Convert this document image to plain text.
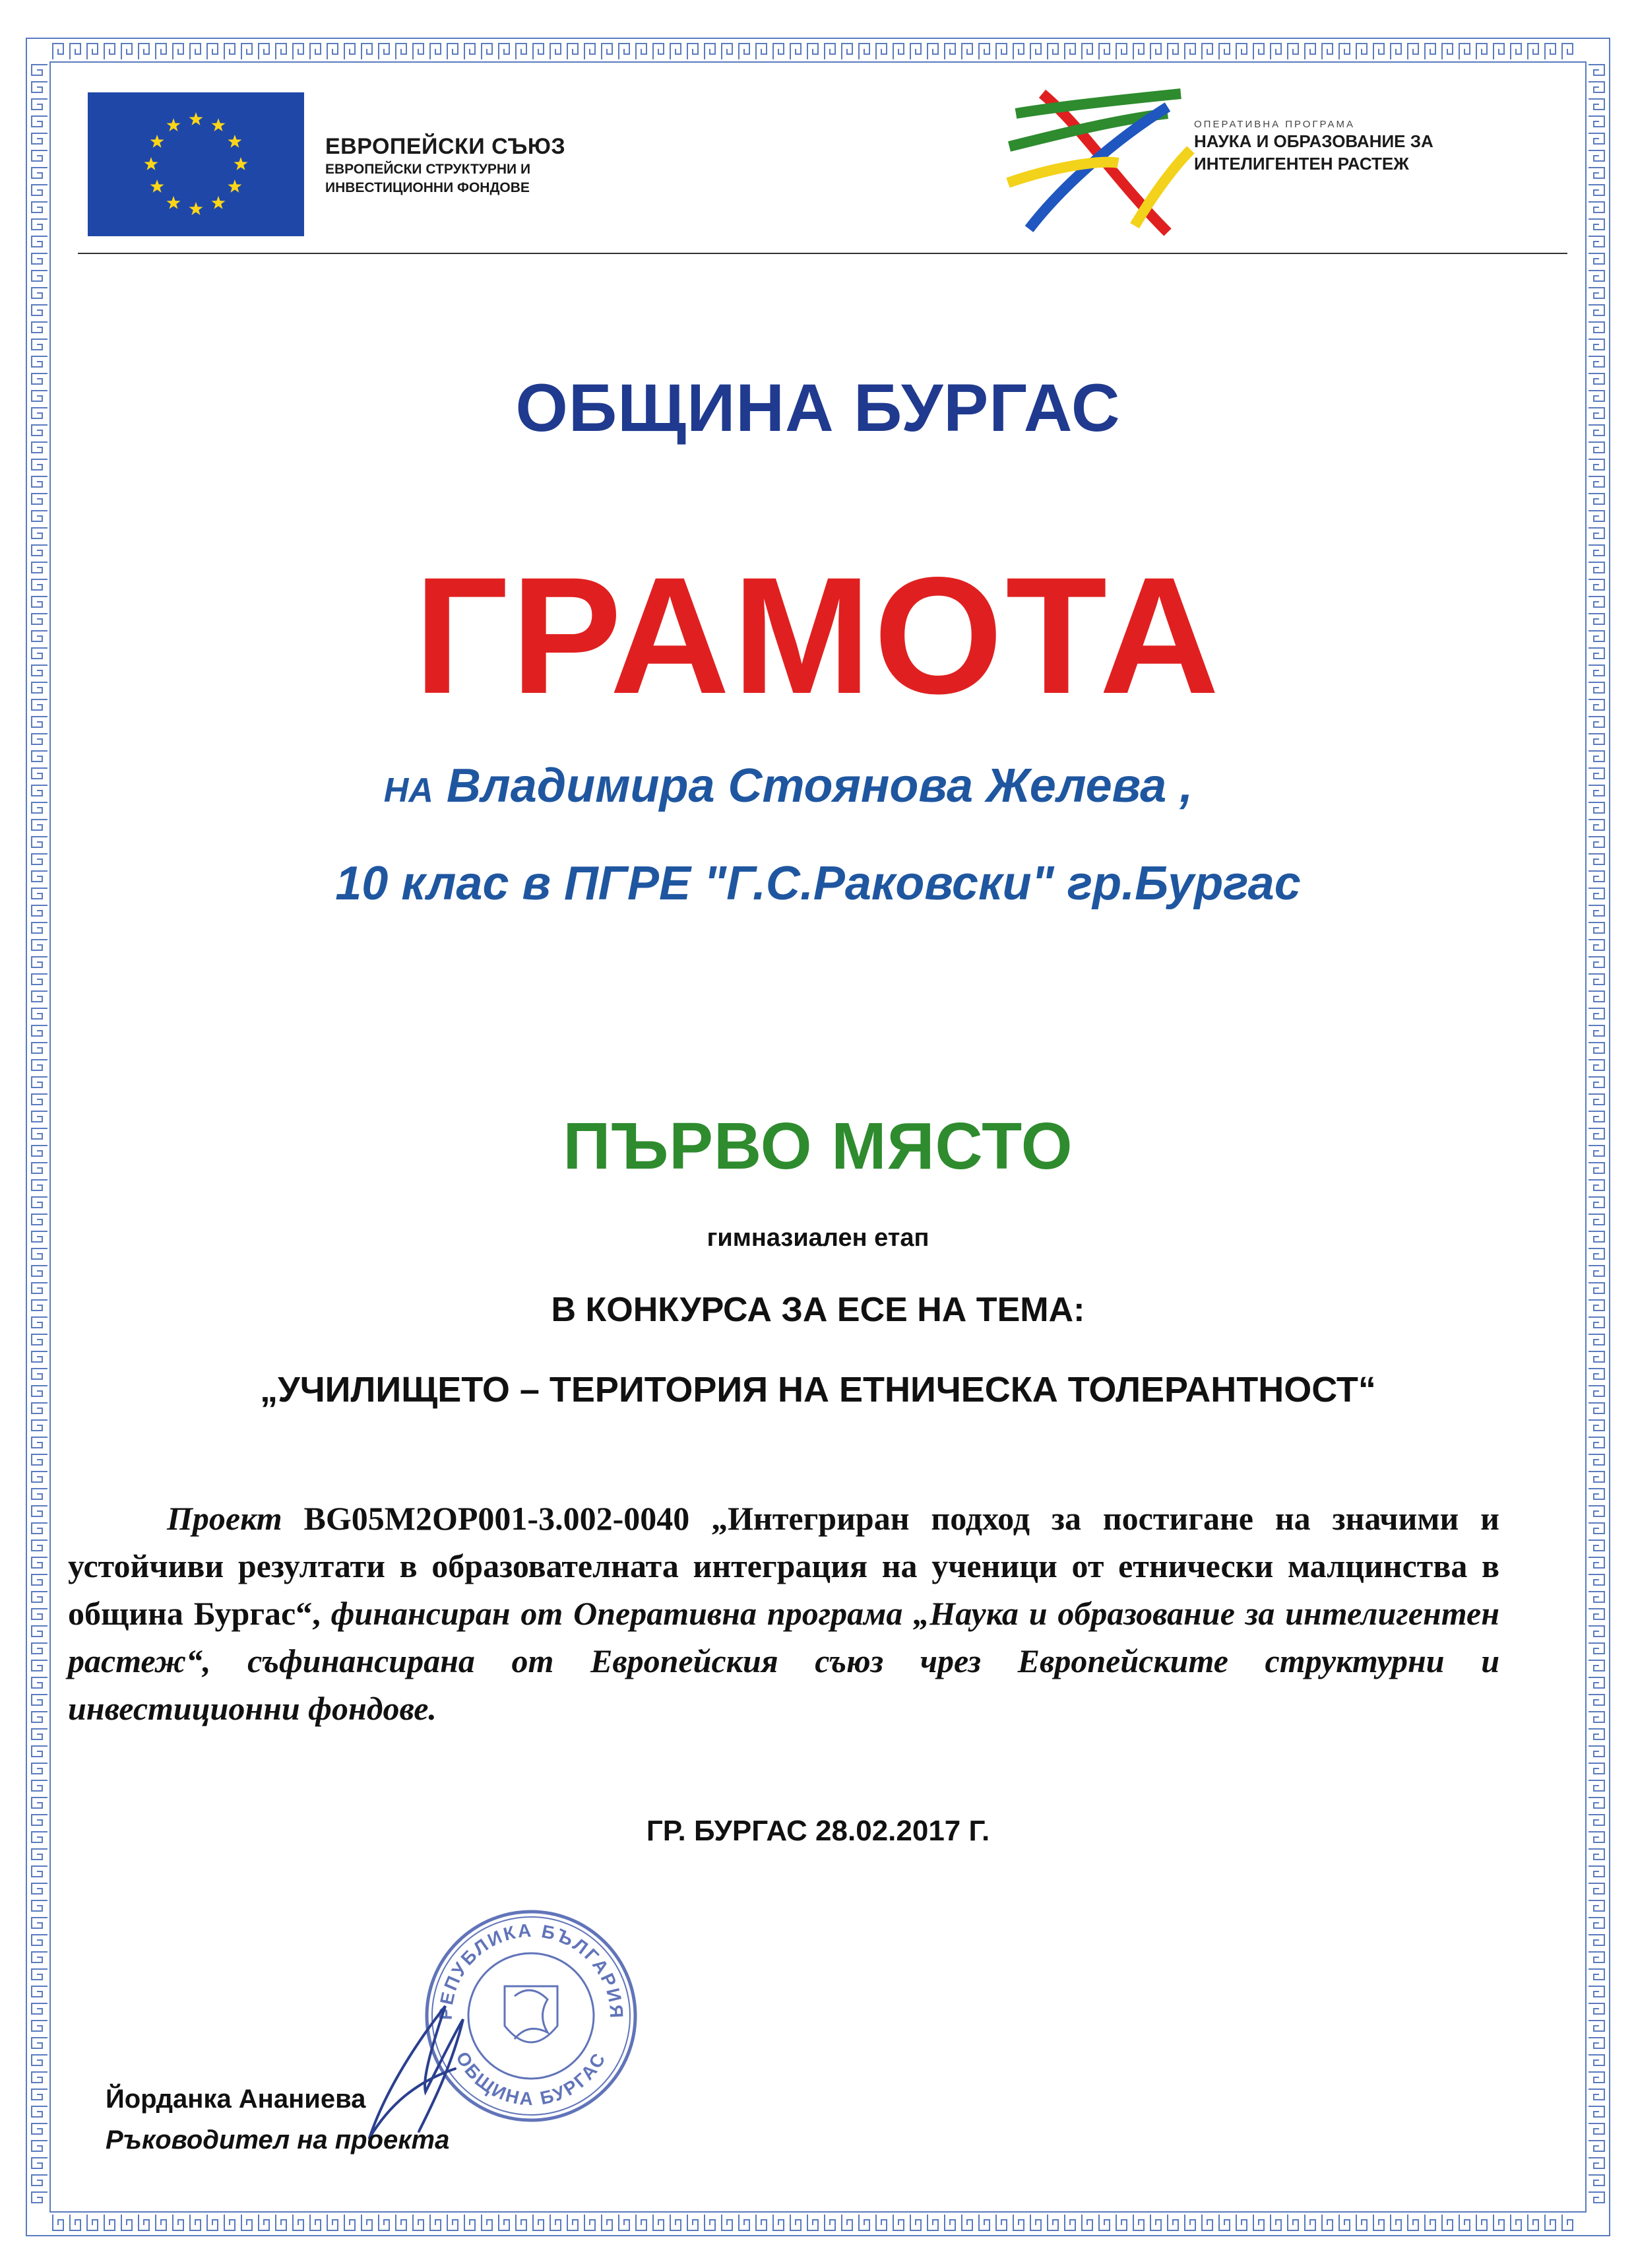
ЕВРОПЕЙСКИ СЪЮЗ
ЕВРОПЕЙСКИ СТРУКТУРНИ И
ИНВЕСТИЦИОННИ ФОНДОВЕ
ОПЕРАТИВНА ПРОГРАМА
НАУКА И ОБРАЗОВАНИЕ ЗА
ИНТЕЛИГЕНТЕН РАСТЕЖ
ОБЩИНА БУРГАС
ГРАМОТА
НА Владимира Стоянова Желева ,
10 клас в ПГРЕ "Г.С.Раковски" гр.Бургас
ПЪРВО МЯСТО
гимназиален етап
В КОНКУРСА ЗА ЕСЕ НА ТЕМА:
„УЧИЛИЩЕТО – ТЕРИТОРИЯ НА ЕТНИЧЕСКА ТОЛЕРАНТНОСТ“
Проект BG05M2OP001-3.002-0040 „Интегриран подход за постигане на значими и устойчиви резултати в образователната интеграция на ученици от етнически малцинства в община Бургас“, финансиран от Оперативна програма „Наука и образование за интелигентен растеж“, съфинансирана от Европейския съюз чрез Европейските структурни и инвестиционни фондове.
ГР. БУРГАС 28.02.2017 Г.
РЕПУБЛИКА БЪЛГАРИЯ
ОБЩИНА БУРГАС
Йорданка Ананиева
Ръководител на проекта
